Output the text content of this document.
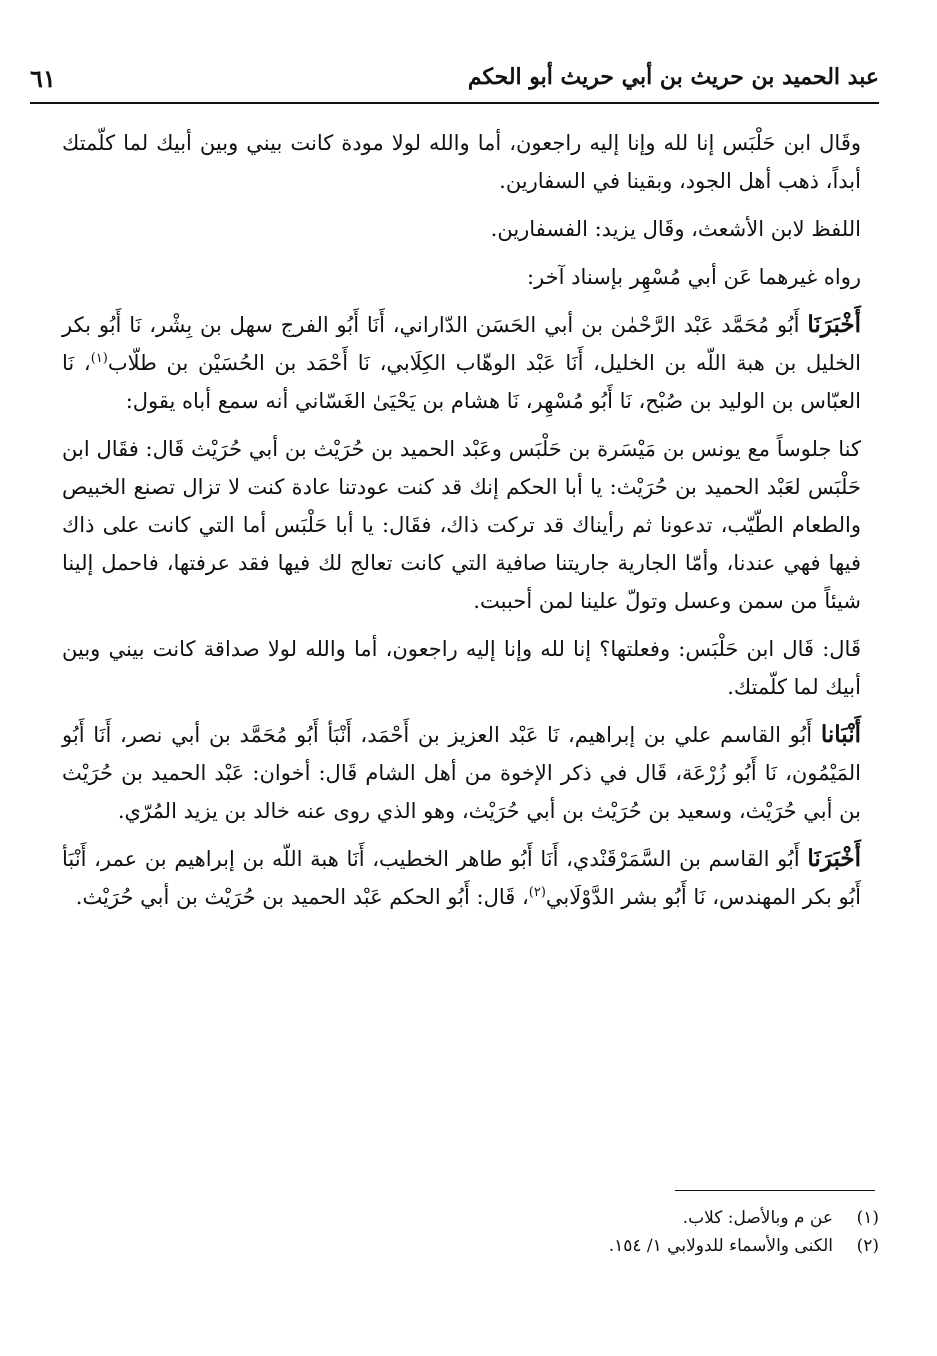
عبد الحميد بن حريث بن أبي حريث أبو الحكم
٦١

وقَال ابن حَلْبَس إنا لله وإنا إليه راجعون، أما والله لولا مودة كانت بيني وبين أبيك لما كلّمتك أبداً، ذهب أهل الجود، وبقينا في السفارين.

اللفظ لابن الأشعث، وقَال يزيد: الفسفارين.

رواه غيرهما عَن أبي مُسْهِر بإسناد آخر:

أَخْبَرَنَا أَبُو مُحَمَّد عَبْد الرَّحْمٰن بن أبي الحَسَن الدّاراني، أَنَا أَبُو الفرج سهل بن بِشْر، نَا أَبُو بكر الخليل بن هبة اللّه بن الخليل، أَنَا عَبْد الوهّاب الكِلَابي، نَا أَحْمَد بن الحُسَيْن بن طلّاب$^{(١)}$، نَا العبّاس بن الوليد بن صُبْح، نَا أَبُو مُسْهِر، نَا هشام بن يَحْيَىٰ الغَسّاني أنه سمع أباه يقول:

كنا جلوساً مع يونس بن مَيْسَرة بن حَلْبَس وعَبْد الحميد بن حُرَيْث بن أبي حُرَيْث قَال: فقَال ابن حَلْبَس لعَبْد الحميد بن حُرَيْث: يا أبا الحكم إنك قد كنت عودتنا عادة كنت لا تزال تصنع الخبيص والطعام الطّيّب، تدعونا ثم رأيناك قد تركت ذاك، فقَال: يا أبا حَلْبَس أما التي كانت على ذاك فيها فهي عندنا، وأمّا الجارية جاريتنا صافية التي كانت تعالج لك فيها فقد عرفتها، فاحمل إلينا شيئاً من سمن وعسل وتولّ علينا لمن أحببت.

قَال: قَال ابن حَلْبَس: وفعلتها؟ إنا لله وإنا إليه راجعون، أما والله لولا صداقة كانت بيني وبين أبيك لما كلّمتك.

أَنْبَانا أَبُو القاسم علي بن إبراهيم، نَا عَبْد العزيز بن أَحْمَد، أَنْبَأ أَبُو مُحَمَّد بن أبي نصر، أَنَا أَبُو المَيْمُون، نَا أَبُو زُرْعَة، قَال في ذكر الإخوة من أهل الشام قَال: أخوان: عَبْد الحميد بن حُرَيْث بن أبي حُرَيْث، وسعيد بن حُرَيْث بن أبي حُرَيْث، وهو الذي روى عنه خالد بن يزيد المُرّي.

أَخْبَرَنَا أَبُو القاسم بن السَّمَرْقَنْدي، أَنَا أَبُو طاهر الخطيب، أَنَا هبة اللّه بن إبراهيم بن عمر، أَنْبَأ أَبُو بكر المهندس، نَا أَبُو بشر الدَّوْلَابي$^{(٢)}$، قَال: أَبُو الحكم عَبْد الحميد بن حُرَيْث بن أبي حُرَيْث.

(١)عن م وبالأصل: كلاب.
(٢)الكنى والأسماء للدولابي ١/ ١٥٤.
